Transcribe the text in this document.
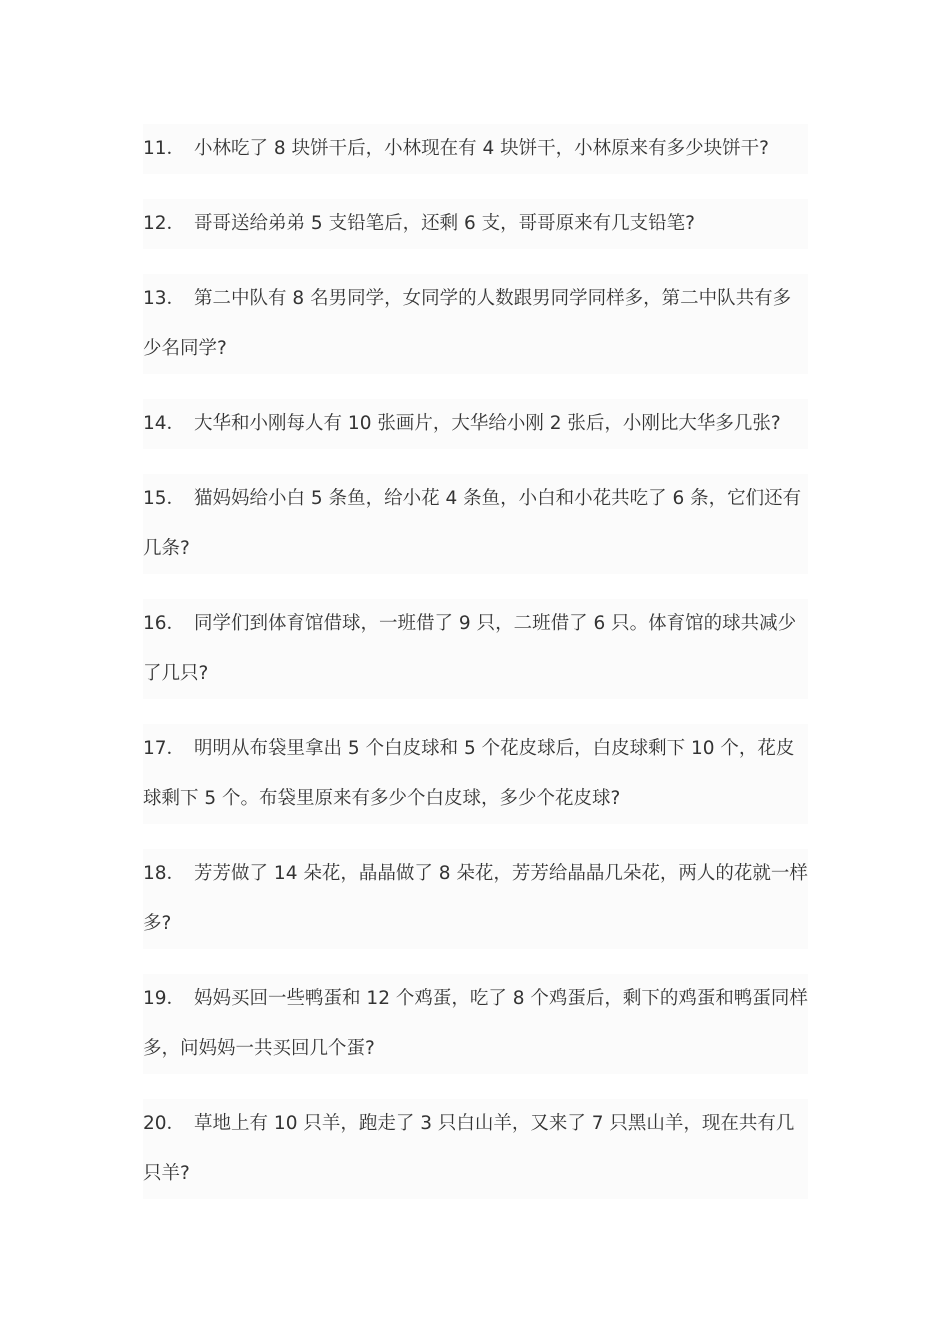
11． 小林吃了 8 块饼干后，小林现在有 4 块饼干，小林原来有多少块饼干?
12． 哥哥送给弟弟 5 支铅笔后，还剩 6 支，哥哥原来有几支铅笔?
13． 第二中队有 8 名男同学，女同学的人数跟男同学同样多，第二中队共有多少名同学?
14． 大华和小刚每人有 10 张画片，大华给小刚 2 张后，小刚比大华多几张?
15． 猫妈妈给小白 5 条鱼，给小花 4 条鱼，小白和小花共吃了 6 条，它们还有几条?
16． 同学们到体育馆借球，一班借了 9 只，二班借了 6 只。体育馆的球共减少了几只?
17． 明明从布袋里拿出 5 个白皮球和 5 个花皮球后，白皮球剩下 10 个，花皮球剩下 5 个。布袋里原来有多少个白皮球，多少个花皮球?
18． 芳芳做了 14 朵花，晶晶做了 8 朵花，芳芳给晶晶几朵花，两人的花就一样多?
19． 妈妈买回一些鸭蛋和 12 个鸡蛋，吃了 8 个鸡蛋后，剩下的鸡蛋和鸭蛋同样多，问妈妈一共买回几个蛋?
20． 草地上有 10 只羊，跑走了 3 只白山羊，又来了 7 只黑山羊，现在共有几只羊?
